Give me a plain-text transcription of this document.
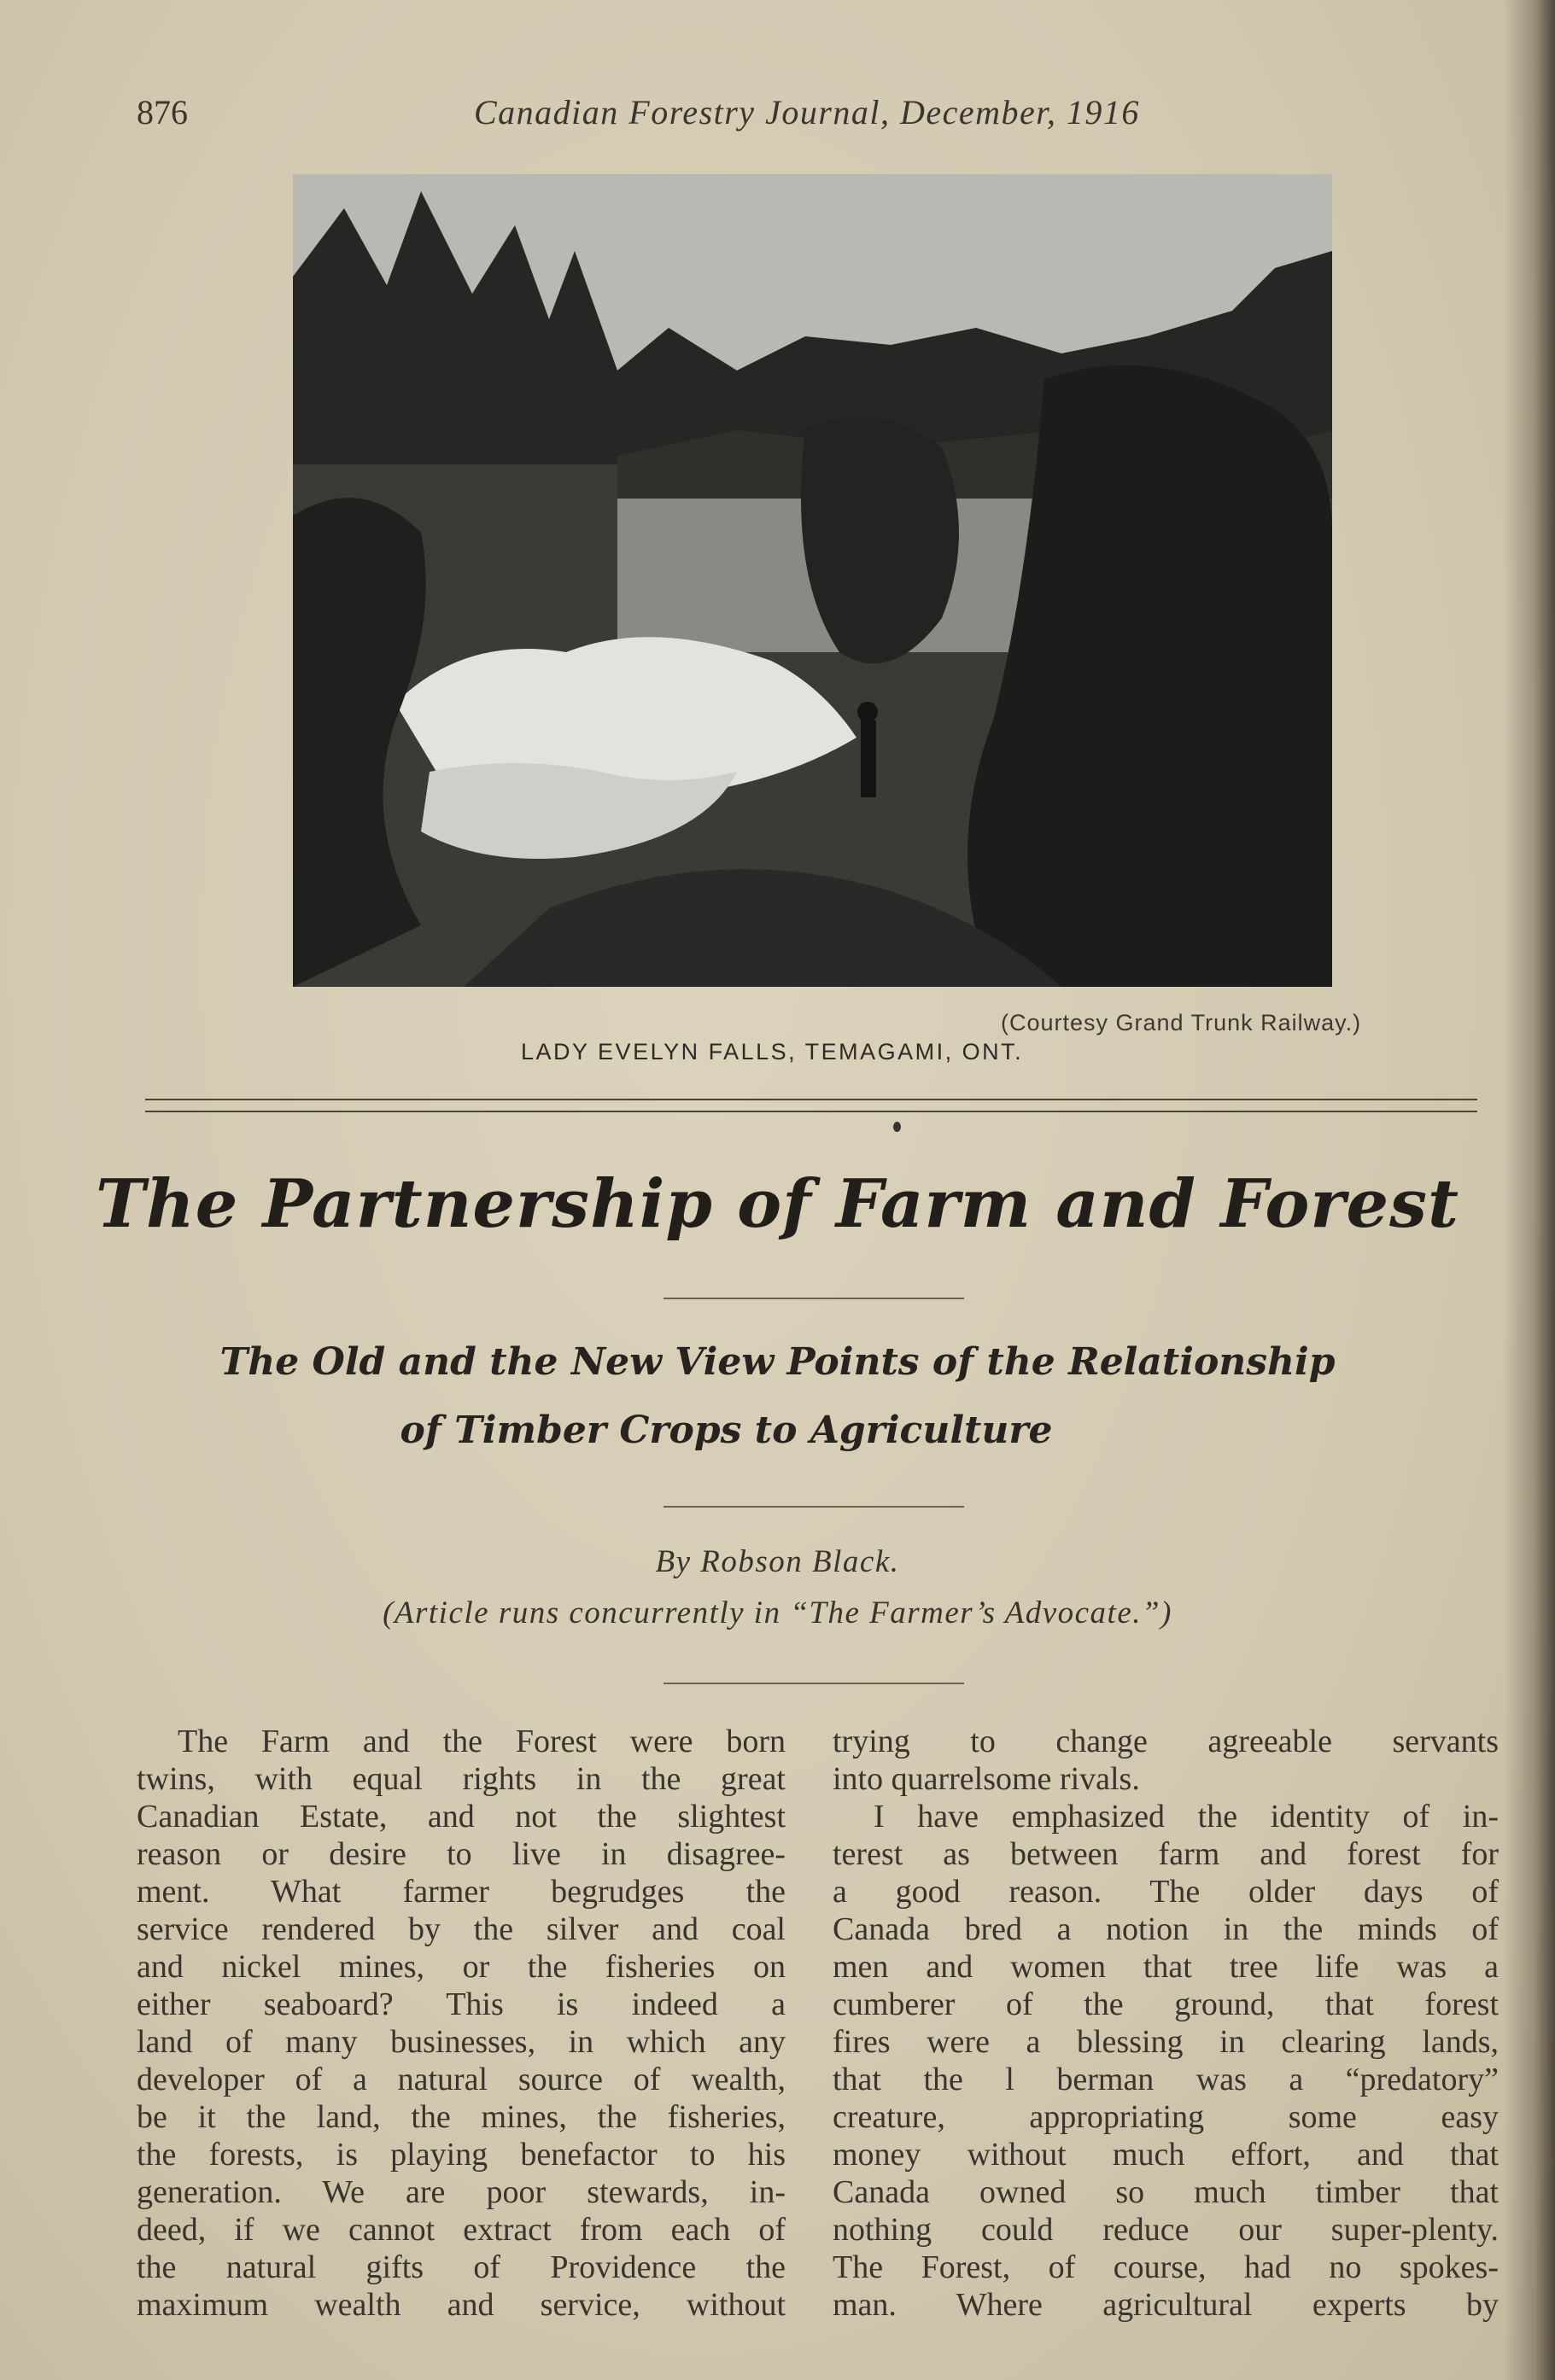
876	Canadian Forestry Journal, December, 1916
(Courtesy Grand Trunk Railway.)
LADY EVELYN FALLS, TEMAGAMI, ONT.
The Partnership of Farm and Forest
The Old and the New View Points of the Relationship
of Timber Crops to Agriculture
By Robson Black.
(Article runs concurrently in “The Farmer’s Advocate.”)
The Farm and the Forest were born
twins, with equal rights in the great
Canadian Estate, and not the slightest
reason or desire to live in disagree-
ment. What farmer begrudges the
service rendered by the silver and coal
and nickel mines, or the fisheries on
either seaboard? This is indeed a
land of many businesses, in which any
developer of a natural source of wealth,
be it the land, the mines, the fisheries,
the forests, is playing benefactor to his
generation. We are poor stewards, in-
deed, if we cannot extract from each of
the natural gifts of Providence the
maximum wealth and service, without
trying to change agreeable servants
into quarrelsome rivals.
I have emphasized the identity of in-
terest as between farm and forest for
a good reason. The older days of
Canada bred a notion in the minds of
men and women that tree life was a
cumberer of the ground, that forest
fires were a blessing in clearing lands,
that the l berman was a “predatory”
creature, appropriating some easy
money without much effort, and that
Canada owned so much timber that
nothing could reduce our super-plenty.
The Forest, of course, had no spokes-
man. Where agricultural experts by
